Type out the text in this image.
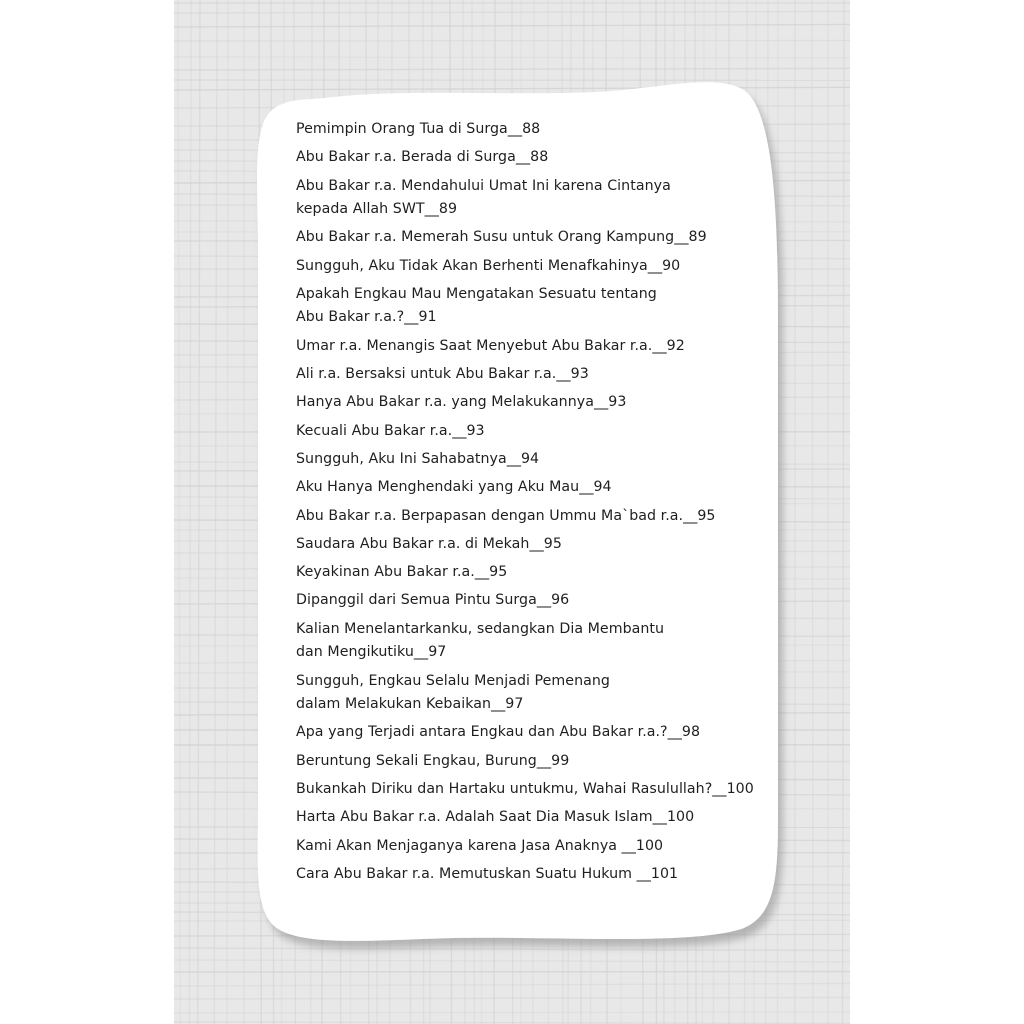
Pemimpin Orang Tua di Surga__88
Abu Bakar r.a. Berada di Surga__88
Abu Bakar r.a. Mendahului Umat Ini karena Cintanya
kepada Allah SWT__89
Abu Bakar r.a. Memerah Susu untuk Orang Kampung__89
Sungguh, Aku Tidak Akan Berhenti Menafkahinya__90
Apakah Engkau Mau Mengatakan Sesuatu tentang
Abu Bakar r.a.?__91
Umar r.a. Menangis Saat Menyebut Abu Bakar r.a.__92
Ali r.a. Bersaksi untuk Abu Bakar r.a.__93
Hanya Abu Bakar r.a. yang Melakukannya__93
Kecuali Abu Bakar r.a.__93
Sungguh, Aku Ini Sahabatnya__94
Aku Hanya Menghendaki yang Aku Mau__94
Abu Bakar r.a. Berpapasan dengan Ummu Ma`bad r.a.__95
Saudara Abu Bakar r.a. di Mekah__95
Keyakinan Abu Bakar r.a.__95
Dipanggil dari Semua Pintu Surga__96
Kalian Menelantarkanku, sedangkan Dia Membantu
dan Mengikutiku__97
Sungguh, Engkau Selalu Menjadi Pemenang
dalam Melakukan Kebaikan__97
Apa yang Terjadi antara Engkau dan Abu Bakar r.a.?__98
Beruntung Sekali Engkau, Burung__99
Bukankah Diriku dan Hartaku untukmu, Wahai Rasulullah?__100
Harta Abu Bakar r.a. Adalah Saat Dia Masuk Islam__100
Kami Akan Menjaganya karena Jasa Anaknya __100
Cara Abu Bakar r.a. Memutuskan Suatu Hukum __101
